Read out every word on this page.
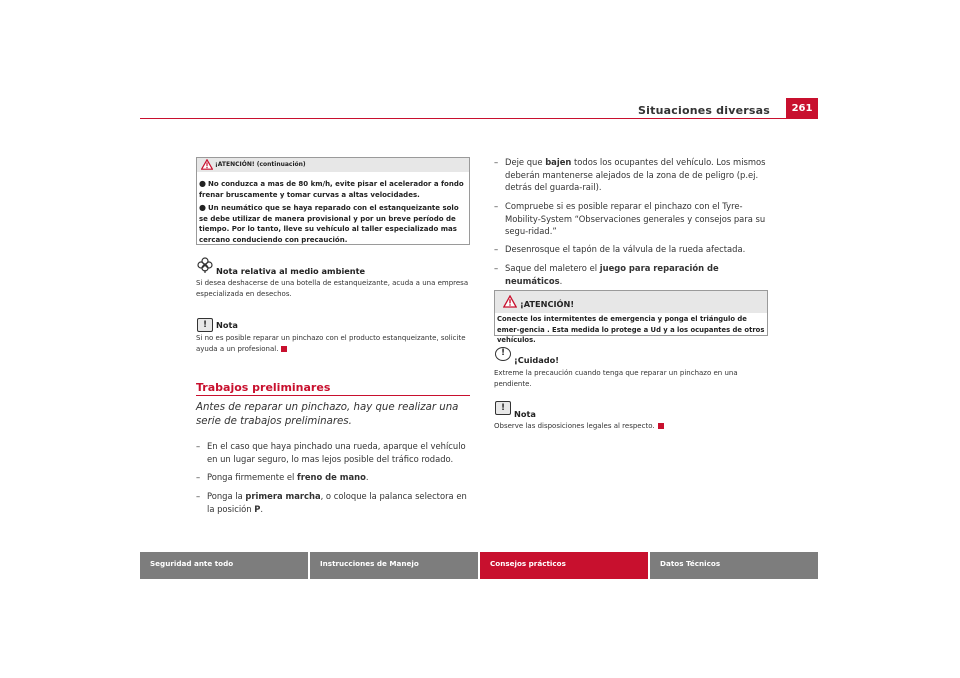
Situaciones diversas	261
¡ATENCIÓN! (continuación)
● No conduzca a mas de 80 km/h, evite pisar el acelerador a fondo frenar bruscamente y tomar curvas a altas velocidades.
● Un neumático que se haya reparado con el estanqueizante solo se debe utilizar de manera provisional y por un breve período de tiempo. Por lo tanto, lleve su vehículo al taller especializado mas cercano conduciendo con precaución.
Nota relativa al medio ambiente
Si desea deshacerse de una botella de estanqueizante, acuda a una empresa especializada en desechos.
!	Nota
Si no es posible reparar un pinchazo con el producto estanqueizante, solicite ayuda a un profesional.
Trabajos preliminares
Antes de reparar un pinchazo, hay que realizar una serie de trabajos preliminares.
– En el caso que haya pinchado una rueda, aparque el vehículo en un lugar seguro, lo mas lejos posible del tráfico rodado.
– Ponga firmemente el freno de mano.
– Ponga la primera marcha, o coloque la palanca selectora en la posición P.
– Deje que bajen todos los ocupantes del vehículo. Los mismos deberán mantenerse alejados de la zona de de peligro (p.ej. detrás del guarda-rail).
– Compruebe si es posible reparar el pinchazo con el Tyre-Mobility-System “Observaciones generales y consejos para su segu-ridad.”
– Desenrosque el tapón de la válvula de la rueda afectada.
– Saque del maletero el juego para reparación de neumáticos.
¡ATENCIÓN!
Conecte los intermitentes de emergencia y ponga el triángulo de emer-gencia . Esta medida lo protege a Ud y a los ocupantes de otros vehículos.
!
¡Cuidado!
Extreme la precaución cuando tenga que reparar un pinchazo en una pendiente.
!
Nota
Observe las disposiciones legales al respecto.
Seguridad ante todo	Instrucciones de Manejo	Consejos prácticos	Datos Técnicos
